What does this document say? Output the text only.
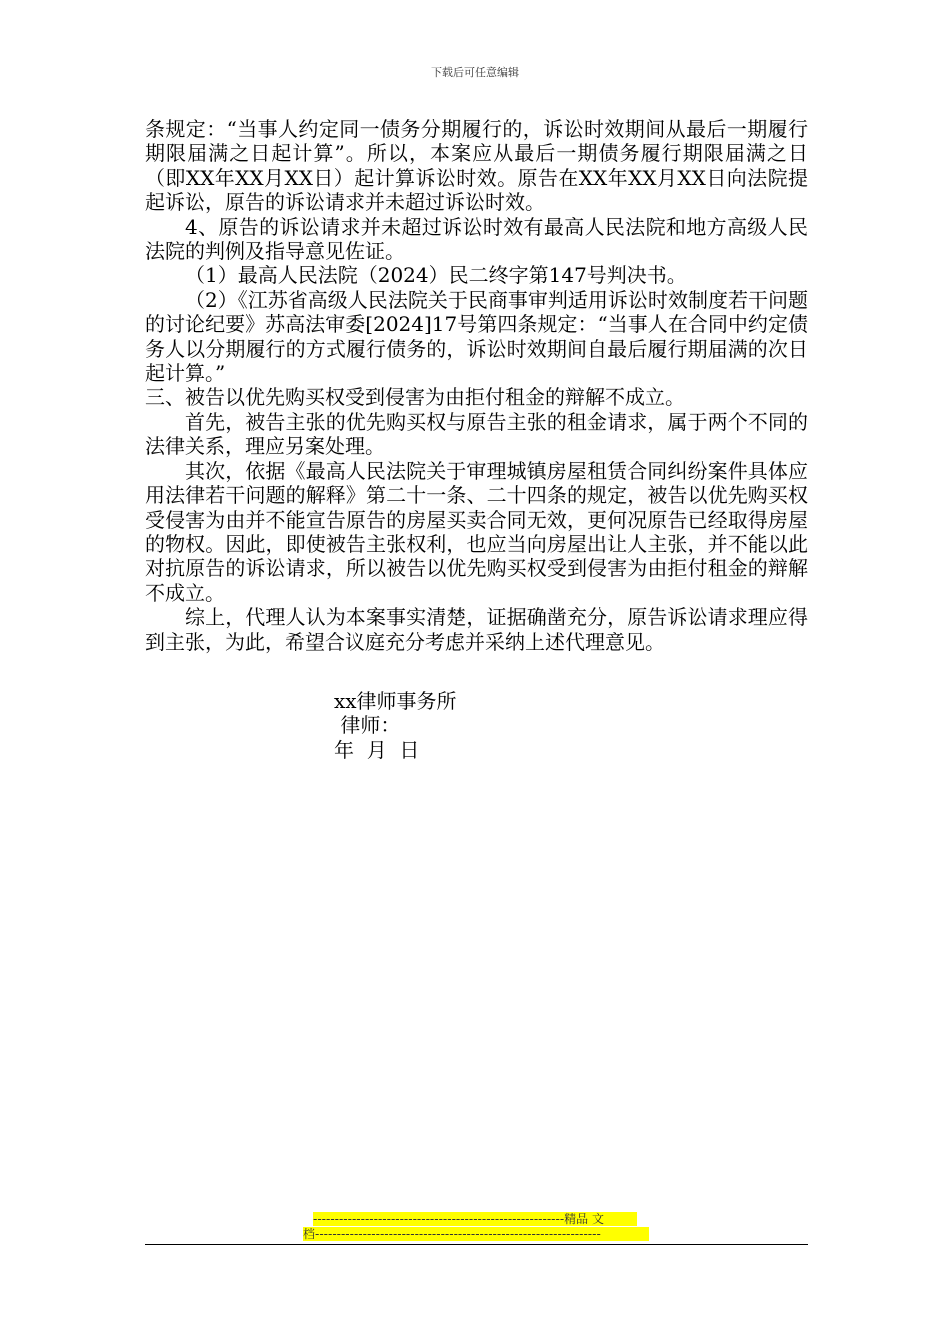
下载后可任意编辑

条规定：“当事人约定同一债务分期履行的，诉讼时效期间从最后一期履行期限届满之日起计算”。所以，本案应从最后一期债务履行期限届满之日（即XX年XX月XX日）起计算诉讼时效。原告在XX年XX月XX日向法院提起诉讼，原告的诉讼请求并未超过诉讼时效。

4、原告的诉讼请求并未超过诉讼时效有最高人民法院和地方高级人民法院的判例及指导意见佐证。

（1）最高人民法院（2024）民二终字第147号判决书。

（2）《江苏省高级人民法院关于民商事审判适用诉讼时效制度若干问题的讨论纪要》苏高法审委[2024]17号第四条规定：“当事人在合同中约定债务人以分期履行的方式履行债务的，诉讼时效期间自最后履行期届满的次日起计算。”

三、被告以优先购买权受到侵害为由拒付租金的辩解不成立。

首先，被告主张的优先购买权与原告主张的租金请求，属于两个不同的法律关系，理应另案处理。

其次，依据《最高人民法院关于审理城镇房屋租赁合同纠纷案件具体应用法律若干问题的解释》第二十一条、二十四条的规定，被告以优先购买权受侵害为由并不能宣告原告的房屋买卖合同无效，更何况原告已经取得房屋的物权。因此，即使被告主张权利，也应当向房屋出让人主张，并不能以此对抗原告的诉讼请求，所以被告以优先购买权受到侵害为由拒付租金的辩解不成立。

综上，代理人认为本案事实清楚，证据确凿充分，原告诉讼请求理应得到主张，为此，希望合议庭充分考虑并采纳上述代理意见。

xx律师事务所
律师：
年  月  日
----------------------------------------------------------精品 文
档------------------------------------------------------------------
